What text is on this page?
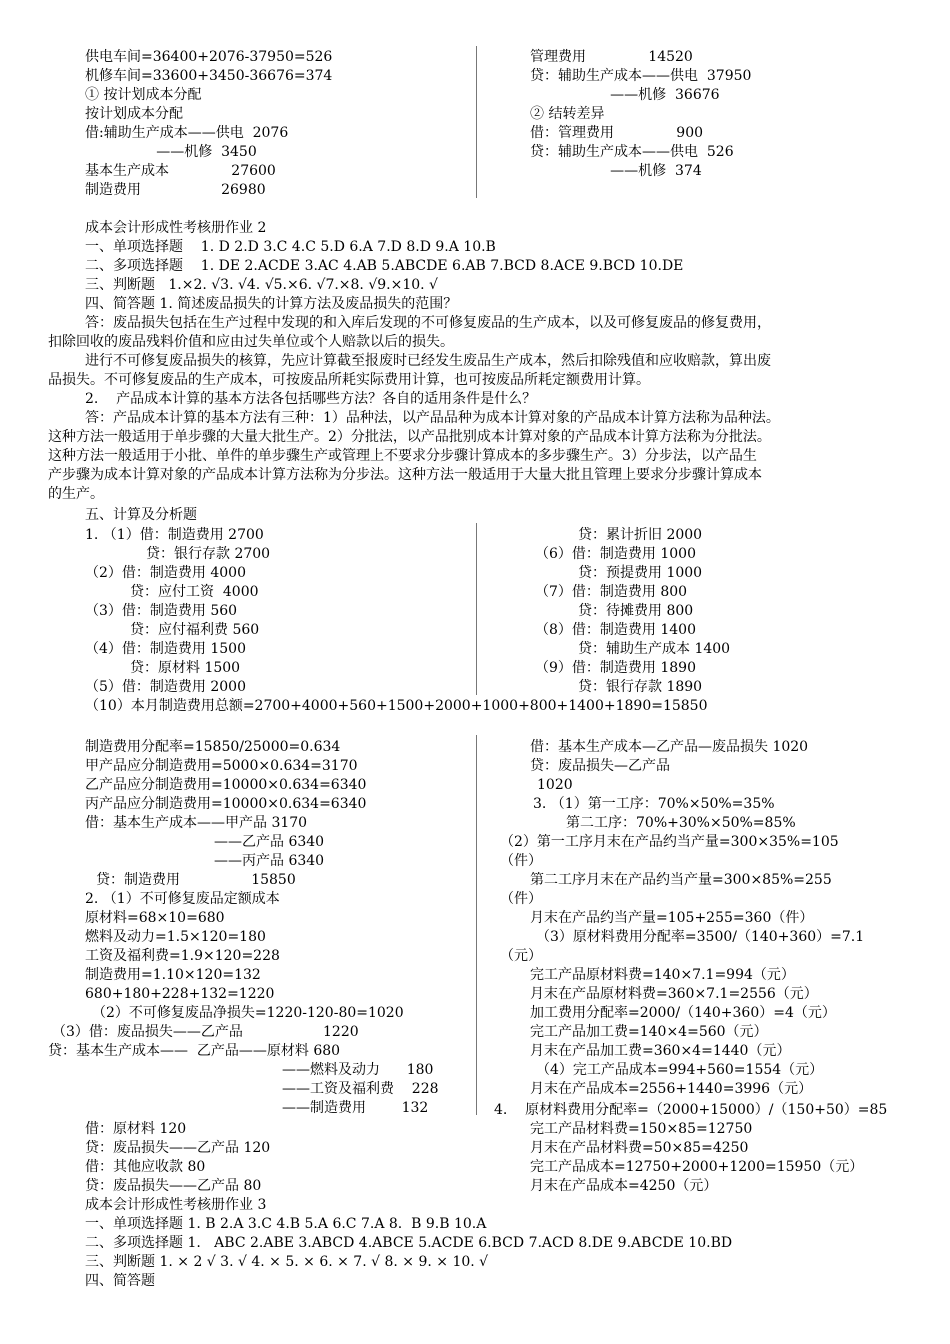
供电车间=36400+2076-37950=526
机修车间=33600+3450-36676=374
① 按计划成本分配
按计划成本分配
借:辅助生产成本——供电  2076
——机修  3450
基本生产成本              27600
制造费用                  26980
管理费用              14520
贷：辅助生产成本——供电  37950
——机修  36676
② 结转差异
借：管理费用              900
贷：辅助生产成本——供电  526
——机修  374
成本会计形成性考核册作业 2
一、单项选择题    1. D 2.D 3.C 4.C 5.D 6.A 7.D 8.D 9.A 10.B
二、多项选择题    1. DE 2.ACDE 3.AC 4.AB 5.ABCDE 6.AB 7.BCD 8.ACE 9.BCD 10.DE
三、判断题   1.×2. √3. √4. √5.×6. √7.×8. √9.×10. √
四、简答题 1. 简述废品损失的计算方法及废品损失的范围？
答：废品损失包括在生产过程中发现的和入库后发现的不可修复废品的生产成本，以及可修复废品的修复费用，
扣除回收的废品残料价值和应由过失单位或个人赔款以后的损失。
进行不可修复废品损失的核算，先应计算截至报废时已经发生废品生产成本，然后扣除残值和应收赔款，算出废
品损失。不可修复废品的生产成本，可按废品所耗实际费用计算，也可按废品所耗定额费用计算。
2.    产品成本计算的基本方法各包括哪些方法？各自的适用条件是什么？
答：产品成本计算的基本方法有三种：1）品种法，以产品品种为成本计算对象的产品成本计算方法称为品种法。
这种方法一般适用于单步骤的大量大批生产。2）分批法，以产品批别成本计算对象的产品成本计算方法称为分批法。
这种方法一般适用于小批、单件的单步骤生产或管理上不要求分步骤计算成本的多步骤生产。3）分步法，以产品生
产步骤为成本计算对象的产品成本计算方法称为分步法。这种方法一般适用于大量大批且管理上要求分步骤计算成本
的生产。
五、计算及分析题
1. （1）借：制造费用 2700
贷：银行存款 2700
（2）借：制造费用 4000
贷：应付工资  4000
（3）借：制造费用 560
贷：应付福利费 560
（4）借：制造费用 1500
贷：原材料 1500
（5）借：制造费用 2000
贷：累计折旧 2000
（6）借：制造费用 1000
贷：预提费用 1000
（7）借：制造费用 800
贷：待摊费用 800
（8）借：制造费用 1400
贷：辅助生产成本 1400
（9）借：制造费用 1890
贷：银行存款 1890
（10）本月制造费用总额=2700+4000+560+1500+2000+1000+800+1400+1890=15850
制造费用分配率=15850/25000=0.634
甲产品应分制造费用=5000×0.634=3170
乙产品应分制造费用=10000×0.634=6340
丙产品应分制造费用=10000×0.634=6340
借：基本生产成本——甲产品 3170
——乙产品 6340
——丙产品 6340
贷：制造费用                15850
2. （1）不可修复废品定额成本
原材料=68×10=680
燃料及动力=1.5×120=180
工资及福利费=1.9×120=228
制造费用=1.10×120=132
680+180+228+132=1220
（2）不可修复废品净损失=1220-120-80=1020
（3）借：废品损失——乙产品                  1220
贷：基本生产成本——  乙产品——原材料 680
——燃料及动力      180
——工资及福利费    228
——制造费用        132
借：原材料 120
贷：废品损失——乙产品 120
借：其他应收款 80
贷：废品损失——乙产品 80
借：基本生产成本—乙产品—废品损失 1020
贷：废品损失—乙产品
1020
3. （1）第一工序：70%×50%=35%
第二工序：70%+30%×50%=85%
（2）第一工序月末在产品约当产量=300×35%=105
（件）
第二工序月末在产品约当产量=300×85%=255
（件）
月末在产品约当产量=105+255=360（件）
（3）原材料费用分配率=3500/（140+360）=7.1
（元）
完工产品原材料费=140×7.1=994（元）
月末在产品原材料费=360×7.1=2556（元）
加工费用分配率=2000/（140+360）=4（元）
完工产品加工费=140×4=560（元）
月末在产品加工费=360×4=1440（元）
（4）完工产品成本=994+560=1554（元）
月末在产品成本=2556+1440=3996（元）
4.    原材料费用分配率=（2000+15000）/（150+50）=85
完工产品材料费=150×85=12750
月末在产品材料费=50×85=4250
完工产品成本=12750+2000+1200=15950（元）
月末在产品成本=4250（元）
成本会计形成性考核册作业 3
一、单项选择题 1. B 2.A 3.C 4.B 5.A 6.C 7.A 8.  B 9.B 10.A
二、多项选择题 1.   ABC 2.ABE 3.ABCD 4.ABCE 5.ACDE 6.BCD 7.ACD 8.DE 9.ABCDE 10.BD
三、判断题 1. × 2 √ 3. √ 4. × 5. × 6. × 7. √ 8. × 9. × 10. √
四、简答题
